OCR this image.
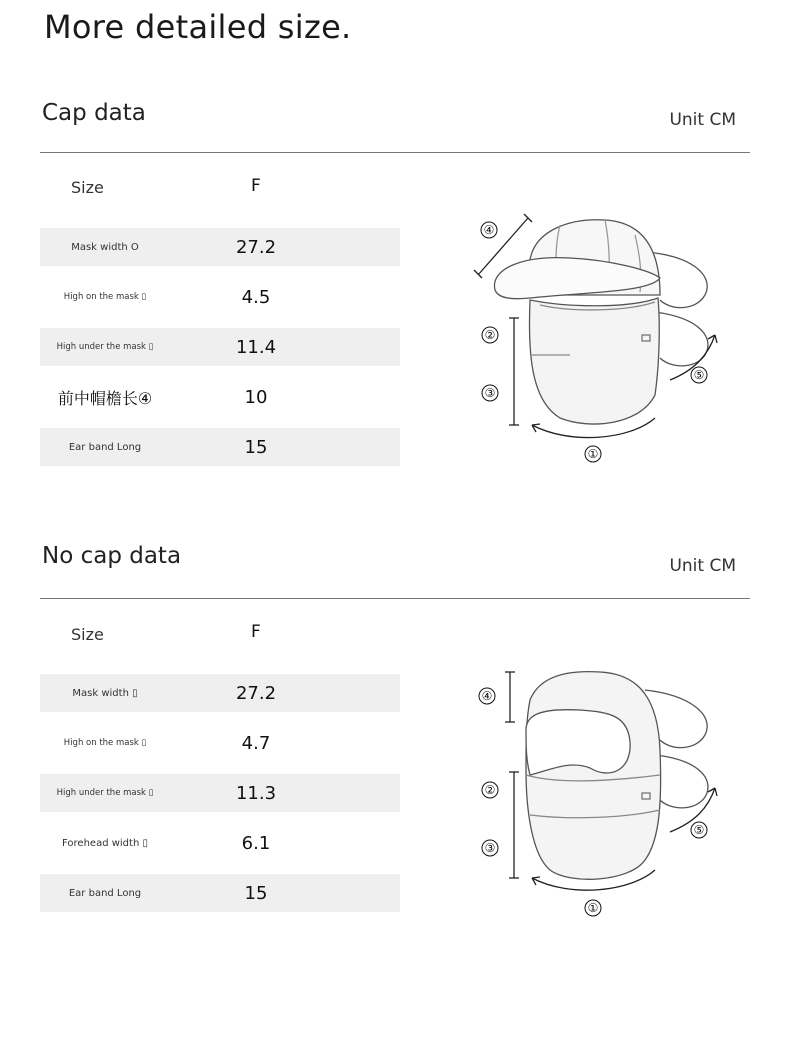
More detailed size.
Cap data	Unit CM
Size	F
Mask width O	27.2
High on the mask ▯	4.5
High under the mask ▯	11.4
前中帽檐长④	10
Ear band Long	15
④
②
③
⑤
①
No cap data	Unit CM
Size	F
Mask width ▯	27.2
High on the mask ▯	4.7
High under the mask ▯	11.3
Forehead width ▯	6.1
Ear band Long	15
④
②
③
⑤
①
